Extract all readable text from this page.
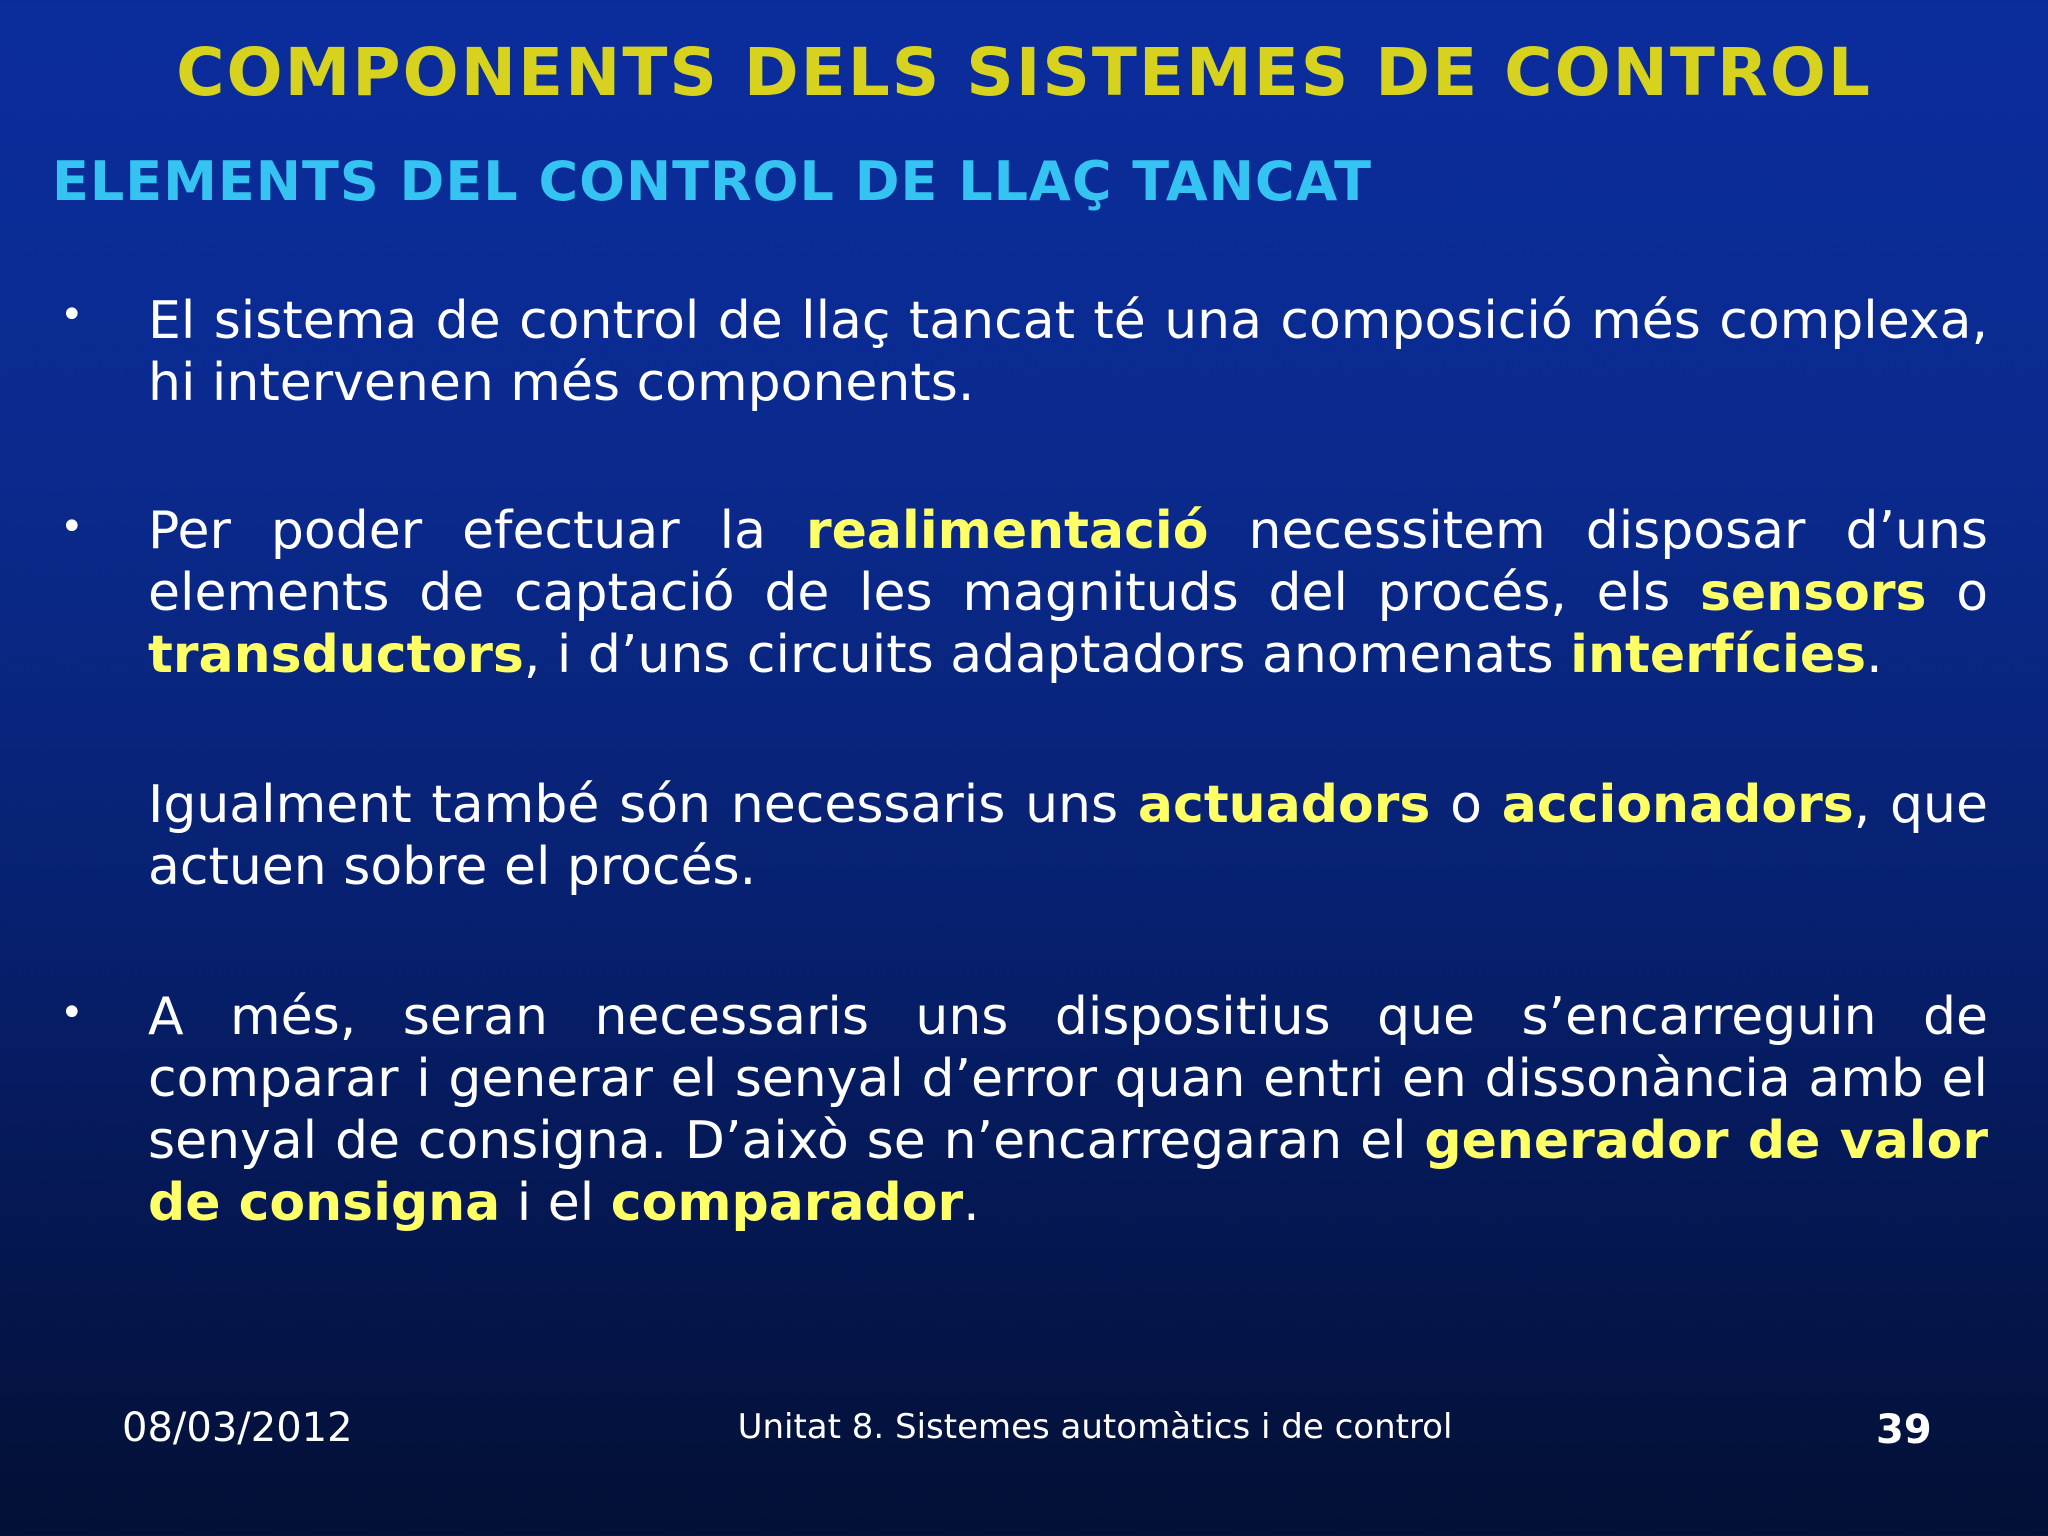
COMPONENTS DELS SISTEMES DE CONTROL
ELEMENTS DEL CONTROL DE LLAÇ TANCAT
• El sistema de control de llaç tancat té una composició més complexa, hi intervenen més components.
• Per poder efectuar la realimentació necessitem disposar d’uns elements de captació de les magnituds del procés, els sensors o transductors, i d’uns circuits adaptadors anomenats interfícies.
Igualment també són necessaris uns actuadors o accionadors, que actuen sobre el procés.
• A més, seran necessaris uns dispositius que s’encarreguin de comparar i generar el senyal d’error quan entri en dissonància amb el senyal de consigna. D’això se n’encarregaran el generador de valor de consigna i el comparador.
08/03/2012	Unitat 8. Sistemes automàtics i de control	39
